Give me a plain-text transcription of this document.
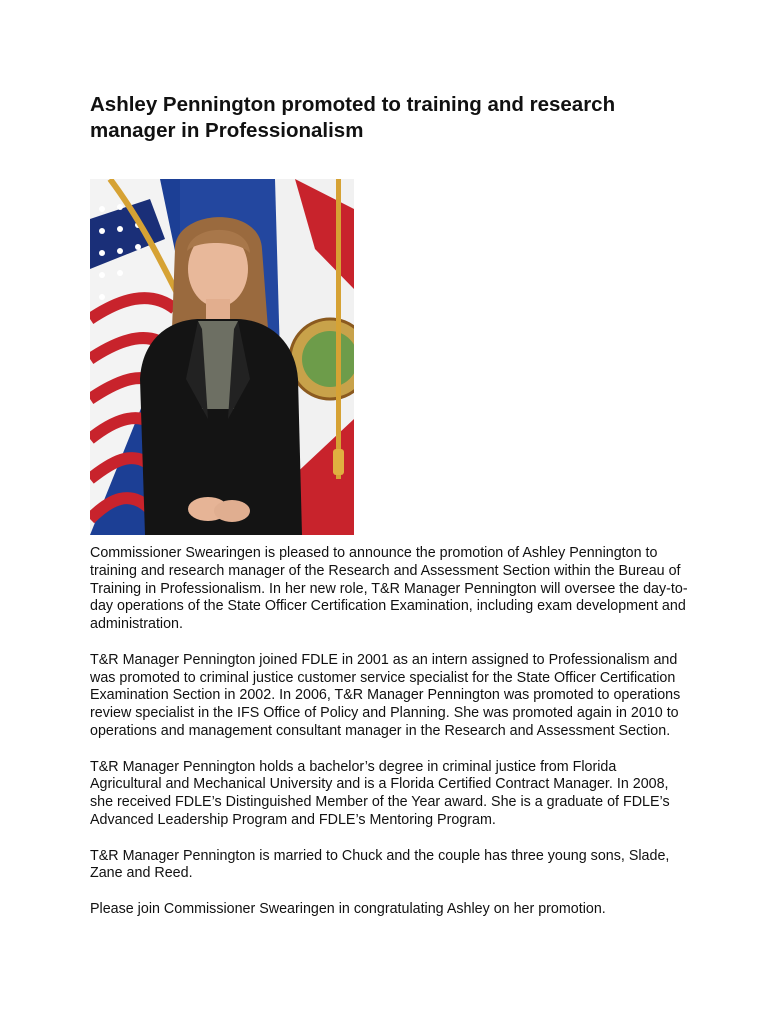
Ashley Pennington promoted to training and research manager in Professionalism

Commissioner Swearingen is pleased to announce the promotion of Ashley Pennington to training and research manager of the Research and Assessment Section within the Bureau of Training in Professionalism. In her new role, T&R Manager Pennington will oversee the day-to-day operations of the State Officer Certification Examination, including exam development and administration.

T&R Manager Pennington joined FDLE in 2001 as an intern assigned to Professionalism and was promoted to criminal justice customer service specialist for the State Officer Certification Examination Section in 2002. In 2006, T&R Manager Pennington was promoted to operations review specialist in the IFS Office of Policy and Planning. She was promoted again in 2010 to operations and management consultant manager in the Research and Assessment Section.

T&R Manager Pennington holds a bachelor’s degree in criminal justice from Florida Agricultural and Mechanical University and is a Florida Certified Contract Manager. In 2008, she received FDLE’s Distinguished Member of the Year award. She is a graduate of FDLE’s Advanced Leadership Program and FDLE’s Mentoring Program.

T&R Manager Pennington is married to Chuck and the couple has three young sons, Slade, Zane and Reed.

Please join Commissioner Swearingen in congratulating Ashley on her promotion.
